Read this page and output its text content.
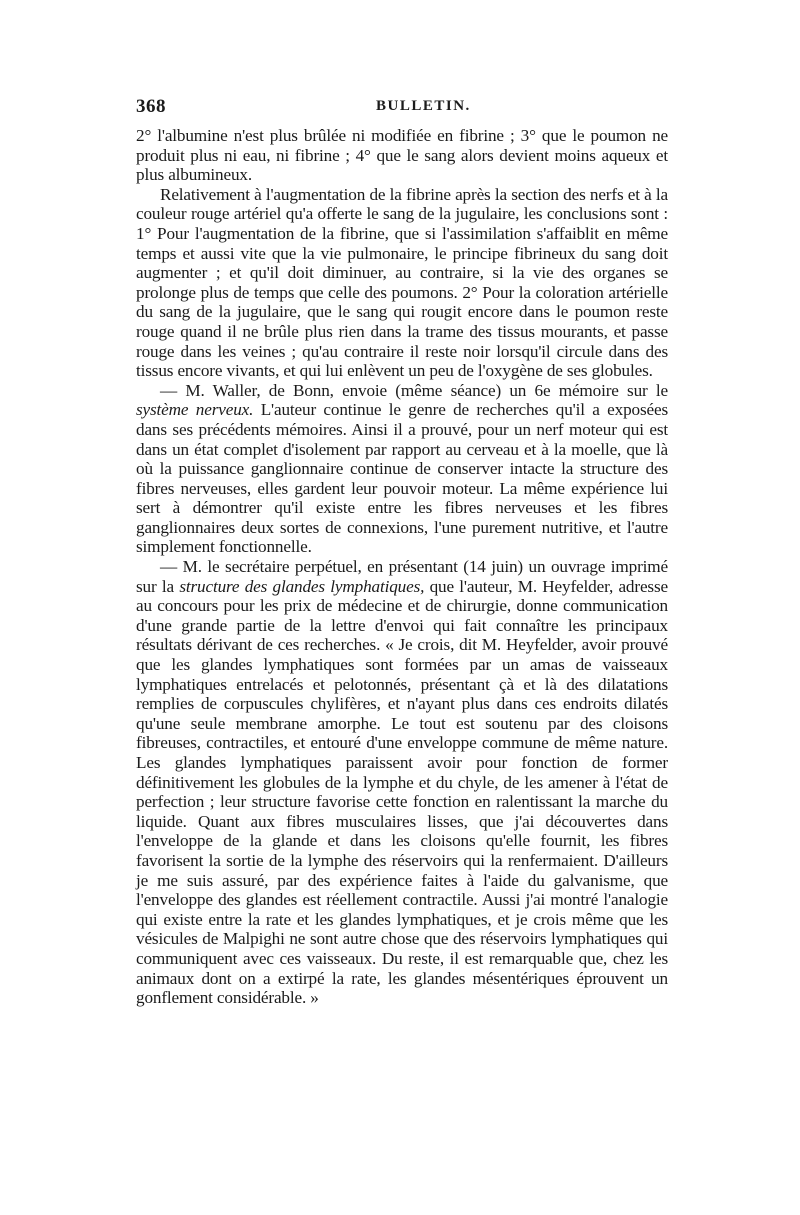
368	BULLETIN.

2° l'albumine n'est plus brûlée ni modifiée en fibrine ; 3° que le poumon ne produit plus ni eau, ni fibrine ; 4° que le sang alors devient moins aqueux et plus albumineux.

Relativement à l'augmentation de la fibrine après la section des nerfs et à la couleur rouge artériel qu'a offerte le sang de la jugulaire, les conclusions sont : 1° Pour l'augmentation de la fibrine, que si l'assimilation s'affaiblit en même temps et aussi vite que la vie pulmonaire, le principe fibrineux du sang doit augmenter ; et qu'il doit diminuer, au contraire, si la vie des organes se prolonge plus de temps que celle des poumons. 2° Pour la coloration artérielle du sang de la jugulaire, que le sang qui rougit encore dans le poumon reste rouge quand il ne brûle plus rien dans la trame des tissus mourants, et passe rouge dans les veines ; qu'au contraire il reste noir lorsqu'il circule dans des tissus encore vivants, et qui lui enlèvent un peu de l'oxygène de ses globules.

— M. Waller, de Bonn, envoie (même séance) un 6e mémoire sur le système nerveux. L'auteur continue le genre de recherches qu'il a exposées dans ses précédents mémoires. Ainsi il a prouvé, pour un nerf moteur qui est dans un état complet d'isolement par rapport au cerveau et à la moelle, que là où la puissance ganglionnaire continue de conserver intacte la structure des fibres nerveuses, elles gardent leur pouvoir moteur. La même expérience lui sert à démontrer qu'il existe entre les fibres nerveuses et les fibres ganglionnaires deux sortes de connexions, l'une purement nutritive, et l'autre simplement fonctionnelle.

— M. le secrétaire perpétuel, en présentant (14 juin) un ouvrage imprimé sur la structure des glandes lymphatiques, que l'auteur, M. Heyfelder, adresse au concours pour les prix de médecine et de chirurgie, donne communication d'une grande partie de la lettre d'envoi qui fait connaître les principaux résultats dérivant de ces recherches. « Je crois, dit M. Heyfelder, avoir prouvé que les glandes lymphatiques sont formées par un amas de vaisseaux lymphatiques entrelacés et pelotonnés, présentant çà et là des dilatations remplies de corpuscules chylifères, et n'ayant plus dans ces endroits dilatés qu'une seule membrane amorphe. Le tout est soutenu par des cloisons fibreuses, contractiles, et entouré d'une enveloppe commune de même nature. Les glandes lymphatiques paraissent avoir pour fonction de former définitivement les globules de la lymphe et du chyle, de les amener à l'état de perfection ; leur structure favorise cette fonction en ralentissant la marche du liquide. Quant aux fibres musculaires lisses, que j'ai découvertes dans l'enveloppe de la glande et dans les cloisons qu'elle fournit, les fibres favorisent la sortie de la lymphe des réservoirs qui la renfermaient. D'ailleurs je me suis assuré, par des expérience faites à l'aide du galvanisme, que l'enveloppe des glandes est réellement contractile. Aussi j'ai montré l'analogie qui existe entre la rate et les glandes lymphatiques, et je crois même que les vésicules de Malpighi ne sont autre chose que des réservoirs lymphatiques qui communiquent avec ces vaisseaux. Du reste, il est remarquable que, chez les animaux dont on a extirpé la rate, les glandes mésentériques éprouvent un gonflement considérable. »
